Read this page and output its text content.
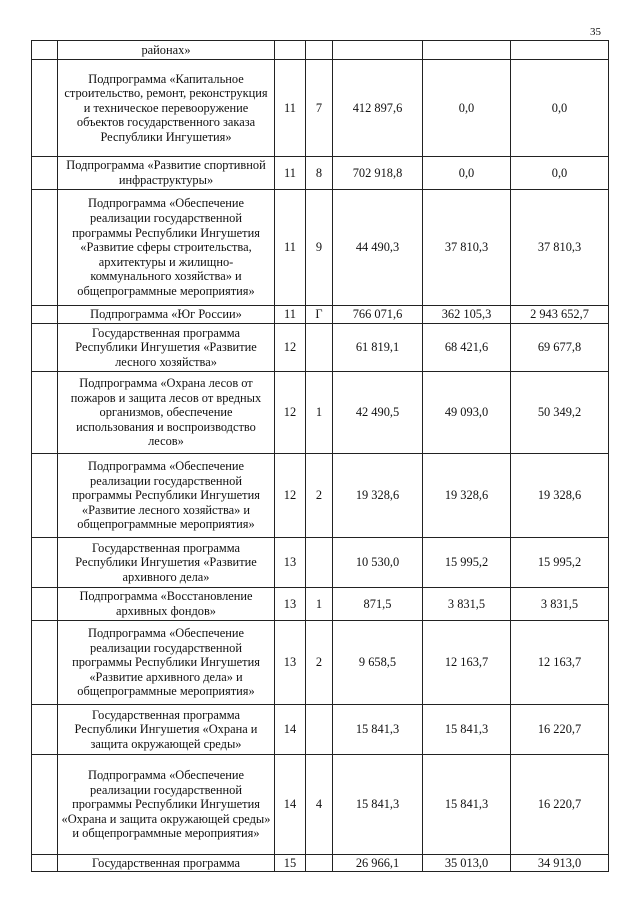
35
	районах»					
	Подпрограмма «Капитальное строительство, ремонт, реконструкция и техническое перевооружение объектов государственного заказа Республики Ингушетия»	11	7	412 897,6	0,0	0,0
	Подпрограмма «Развитие спортивной инфраструктуры»	11	8	702 918,8	0,0	0,0
	Подпрограмма «Обеспечение реализации государственной программы Республики Ингушетия «Развитие сферы строительства, архитектуры и жилищно-коммунального хозяйства» и общепрограммные мероприятия»	11	9	44 490,3	37 810,3	37 810,3
	Подпрограмма «Юг России»	11	Г	766 071,6	362 105,3	2 943 652,7
	Государственная программа Республики Ингушетия «Развитие лесного хозяйства»	12		61 819,1	68 421,6	69 677,8
	Подпрограмма «Охрана лесов от пожаров и защита лесов от вредных организмов, обеспечение использования и воспроизводство лесов»	12	1	42 490,5	49 093,0	50 349,2
	Подпрограмма «Обеспечение реализации государственной программы Республики Ингушетия «Развитие лесного хозяйства» и общепрограммные мероприятия»	12	2	19 328,6	19 328,6	19 328,6
	Государственная программа Республики Ингушетия «Развитие архивного дела»	13		10 530,0	15 995,2	15 995,2
	Подпрограмма «Восстановление архивных фондов»	13	1	871,5	3 831,5	3 831,5
	Подпрограмма «Обеспечение реализации государственной программы Республики Ингушетия «Развитие архивного дела» и общепрограммные мероприятия»	13	2	9 658,5	12 163,7	12 163,7
	Государственная программа Республики Ингушетия «Охрана и защита окружающей среды»	14		15 841,3	15 841,3	16 220,7
	Подпрограмма «Обеспечение реализации государственной программы Республики Ингушетия «Охрана и защита окружающей среды» и общепрограммные мероприятия»	14	4	15 841,3	15 841,3	16 220,7
	Государственная программа	15		26 966,1	35 013,0	34 913,0
